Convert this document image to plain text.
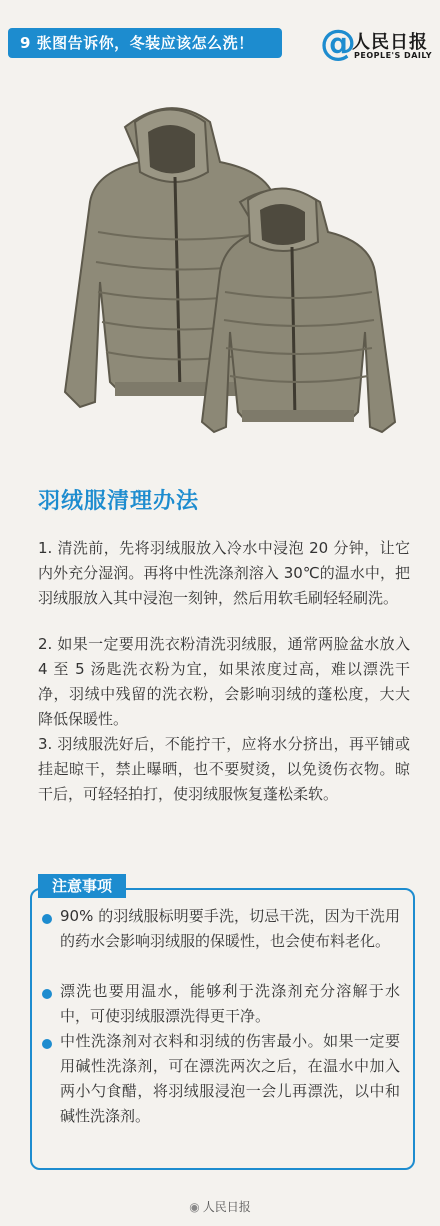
9 张图告诉你，冬装应该怎么洗！	@
人民日报
PEOPLE'S DAILY
羽绒服清理办法
1. 清洗前，先将羽绒服放入冷水中浸泡 20 分钟，让它内外充分湿润。再将中性洗涤剂溶入 30℃的温水中，把羽绒服放入其中浸泡一刻钟，然后用软毛刷轻轻刷洗。
2. 如果一定要用洗衣粉清洗羽绒服，通常两脸盆水放入 4 至 5 汤匙洗衣粉为宜，如果浓度过高，难以漂洗干净，羽绒中残留的洗衣粉，会影响羽绒的蓬松度，大大降低保暖性。
3. 羽绒服洗好后，不能拧干，应将水分挤出，再平铺或挂起晾干，禁止曝晒，也不要熨烫，以免烫伤衣物。晾干后，可轻轻拍打，使羽绒服恢复蓬松柔软。
注意事项
90% 的羽绒服标明要手洗，切忌干洗，因为干洗用的药水会影响羽绒服的保暖性，也会使布料老化。
漂洗也要用温水，能够利于洗涤剂充分溶解于水中，可使羽绒服漂洗得更干净。
中性洗涤剂对衣料和羽绒的伤害最小。如果一定要用碱性洗涤剂，可在漂洗两次之后，在温水中加入两小勺食醋，将羽绒服浸泡一会儿再漂洗，以中和碱性洗涤剂。
◉ 人民日报
